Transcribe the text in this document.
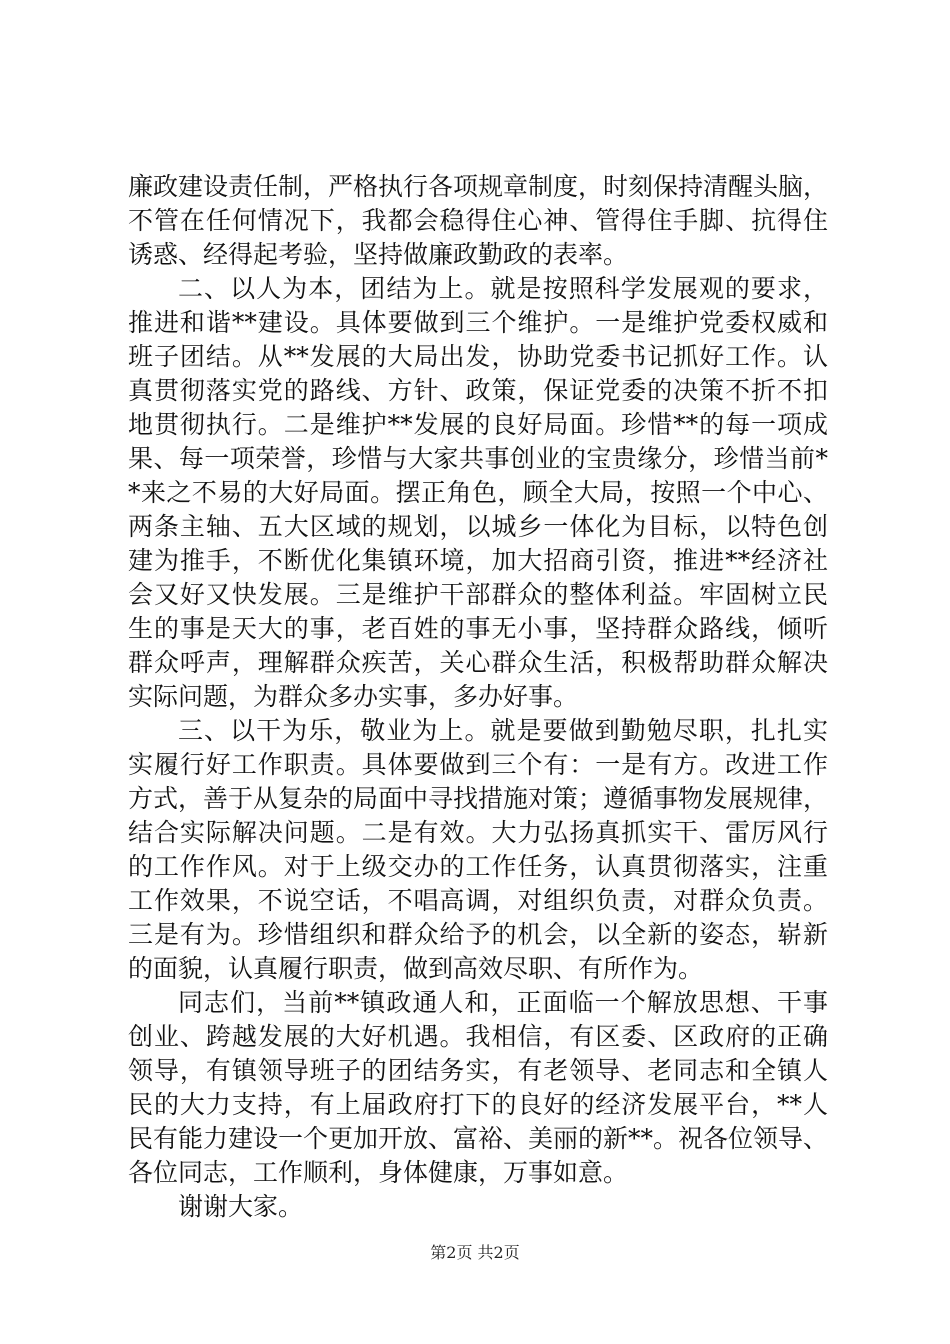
廉政建设责任制，严格执行各项规章制度，时刻保持清醒头脑，
不管在任何情况下，我都会稳得住心神、管得住手脚、抗得住
诱惑、经得起考验，坚持做廉政勤政的表率。
二、以人为本，团结为上。就是按照科学发展观的要求，
推进和谐**建设。具体要做到三个维护。一是维护党委权威和
班子团结。从**发展的大局出发，协助党委书记抓好工作。认
真贯彻落实党的路线、方针、政策，保证党委的决策不折不扣
地贯彻执行。二是维护**发展的良好局面。珍惜**的每一项成
果、每一项荣誉，珍惜与大家共事创业的宝贵缘分，珍惜当前*
*来之不易的大好局面。摆正角色，顾全大局，按照一个中心、
两条主轴、五大区域的规划，以城乡一体化为目标，以特色创
建为推手，不断优化集镇环境，加大招商引资，推进**经济社
会又好又快发展。三是维护干部群众的整体利益。牢固树立民
生的事是天大的事，老百姓的事无小事，坚持群众路线，倾听
群众呼声，理解群众疾苦，关心群众生活，积极帮助群众解决
实际问题，为群众多办实事，多办好事。
三、以干为乐，敬业为上。就是要做到勤勉尽职，扎扎实
实履行好工作职责。具体要做到三个有：一是有方。改进工作
方式，善于从复杂的局面中寻找措施对策；遵循事物发展规律，
结合实际解决问题。二是有效。大力弘扬真抓实干、雷厉风行
的工作作风。对于上级交办的工作任务，认真贯彻落实，注重
工作效果，不说空话，不唱高调，对组织负责，对群众负责。
三是有为。珍惜组织和群众给予的机会，以全新的姿态，崭新
的面貌，认真履行职责，做到高效尽职、有所作为。
同志们，当前**镇政通人和，正面临一个解放思想、干事
创业、跨越发展的大好机遇。我相信，有区委、区政府的正确
领导，有镇领导班子的团结务实，有老领导、老同志和全镇人
民的大力支持，有上届政府打下的良好的经济发展平台，**人
民有能力建设一个更加开放、富裕、美丽的新**。祝各位领导、
各位同志，工作顺利，身体健康，万事如意。
谢谢大家。
第2页 共2页
